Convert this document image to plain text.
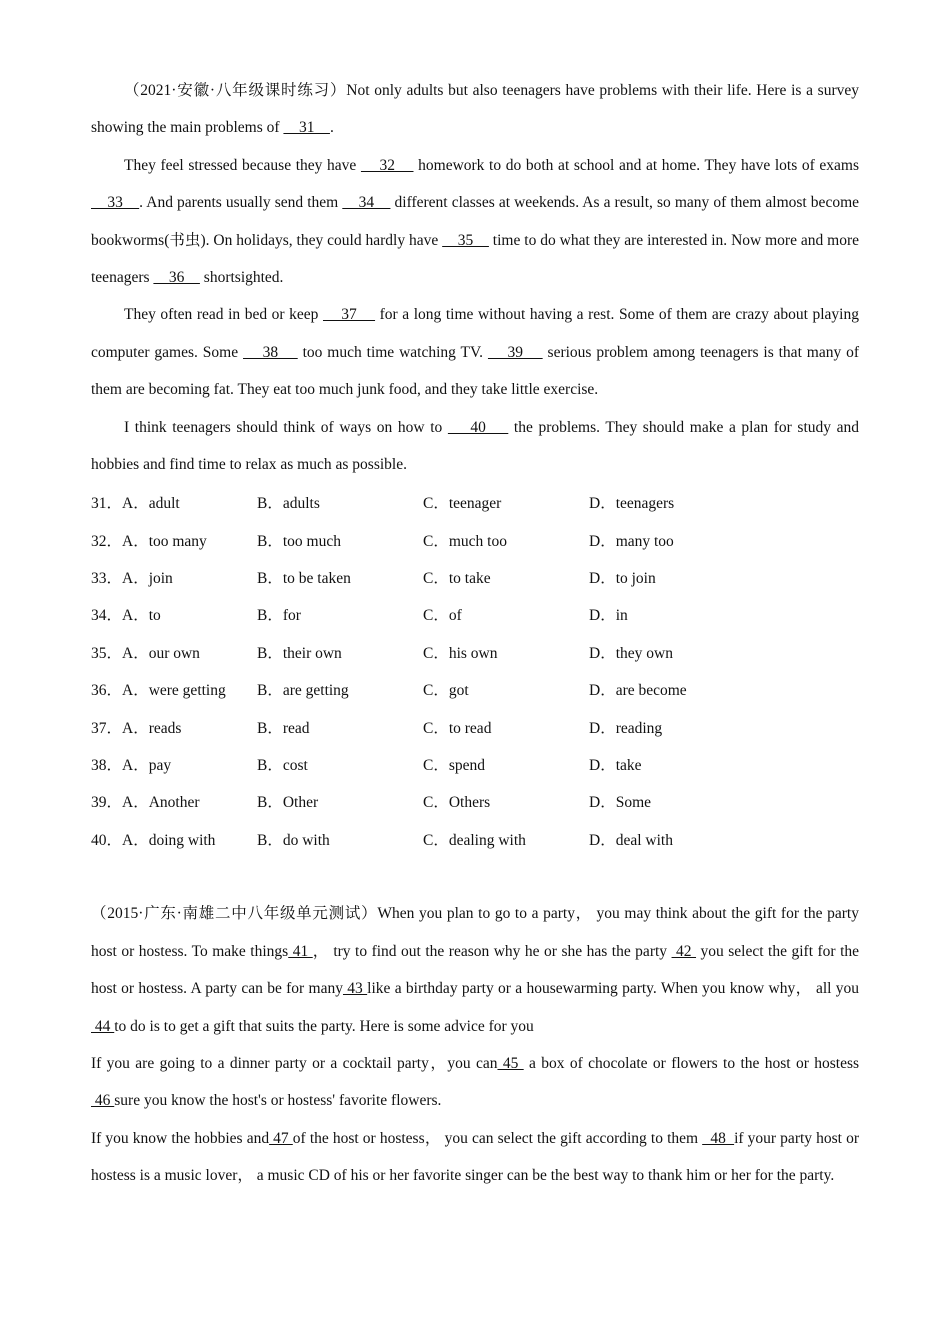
（2021·安徽·八年级课时练习）Not only adults but also teenagers have problems with their life. Here is a survey showing the main problems of     31    .

They feel stressed because they have     32     homework to do both at school and at home. They have lots of exams     33    . And parents usually send them     34     different classes at weekends. As a result, so many of them almost become bookworms(书虫). On holidays, they could hardly have     35     time to do what they are interested in. Now more and more teenagers     36     shortsighted.

They often read in bed or keep     37     for a long time without having a rest. Some of them are crazy about playing computer games. Some     38     too much time watching TV.     39     serious problem among teenagers is that many of them are becoming fat. They eat too much junk food, and they take little exercise.

I think teenagers should think of ways on how to     40     the problems. They should make a plan for study and hobbies and find time to relax as much as possible.

31．A．adult	B．adults	C．teenager	D．teenagers
32．A．too many	B．too much	C．much too	D．many too
33．A．join	B．to be taken	C．to take	D．to join
34．A．to	B．for	C．of	D．in
35．A．our own	B．their own	C．his own	D．they own
36．A．were getting	B．are getting	C．got	D．are become
37．A．reads	B．read	C．to read	D．reading
38．A．pay	B．cost	C．spend	D．take
39．A．Another	B．Other	C．Others	D．Some
40．A．doing with	B．do with	C．dealing with	D．deal with

（2015·广东·南雄二中八年级单元测试）When you plan to go to a party， you may think about the gift for the party host or hostess. To make things 41 ， try to find out the reason why he or she has the party  42  you select the gift for the host or hostess. A party can be for many 43 like a birthday party or a housewarming party. When you know why， all you 44 to do is to get a gift that suits the party. Here is some advice for you

If you are going to a dinner party or a cocktail party，you can 45  a box of chocolate or flowers to the host or hostess 46 sure you know the host's or hostess' favorite flowers.

If you know the hobbies and 47 of the host or hostess， you can select the gift according to them   48  if your party host or hostess is a music lover， a music CD of his or her favorite singer can be the best way to thank him or her for the party.
